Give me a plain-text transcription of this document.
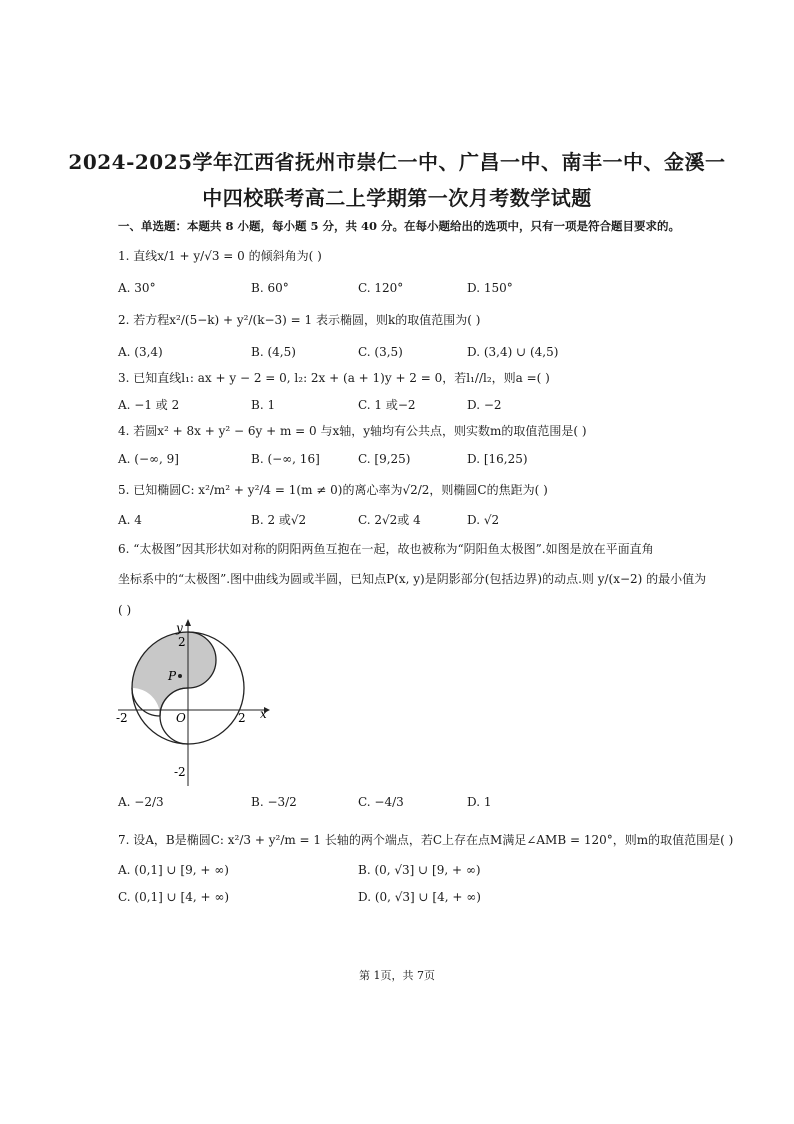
2024-2025学年江西省抚州市崇仁一中、广昌一中、南丰一中、金溪一
中四校联考高二上学期第一次月考数学试题
一、单选题：本题共 8 小题，每小题 5 分，共 40 分。在每小题给出的选项中，只有一项是符合题目要求的。
1. 直线x/1 + y/√3 = 0 的倾斜角为( )
A. 30°	B. 60°	C. 120°	D. 150°
2. 若方程x²/(5−k) + y²/(k−3) = 1 表示椭圆，则k的取值范围为( )
A. (3,4)	B. (4,5)	C. (3,5)	D. (3,4) ∪ (4,5)
3. 已知直线l₁: ax + y − 2 = 0, l₂: 2x + (a + 1)y + 2 = 0，若l₁//l₂，则a =( )
A. −1 或 2	B. 1	C. 1 或−2	D. −2
4. 若圆x² + 8x + y² − 6y + m = 0 与x轴，y轴均有公共点，则实数m的取值范围是( )
A. (−∞, 9]	B. (−∞, 16]	C. [9,25)	D. [16,25)
5. 已知椭圆C: x²/m² + y²/4 = 1(m ≠ 0)的离心率为√2/2，则椭圆C的焦距为( )
A. 4	B. 2 或√2	C. 2√2或 4	D. √2
6. “太极图”因其形状如对称的阴阳两鱼互抱在一起，故也被称为“阴阳鱼太极图”.如图是放在平面直角
坐标系中的“太极图”.图中曲线为圆或半圆，已知点P(x, y)是阴影部分(包括边界)的动点.则 y/(x−2) 的最小值为
( )
P
O	x
y
-2	2
2
-2
A. −2/3	B. −3/2	C. −4/3	D. 1
7. 设A，B是椭圆C: x²/3 + y²/m = 1 长轴的两个端点，若C上存在点M满足∠AMB = 120°，则m的取值范围是( )
A. (0,1] ∪ [9, + ∞)	B. (0, √3] ∪ [9, + ∞)
C. (0,1] ∪ [4, + ∞)	D. (0, √3] ∪ [4, + ∞)
第 1页，共 7页
